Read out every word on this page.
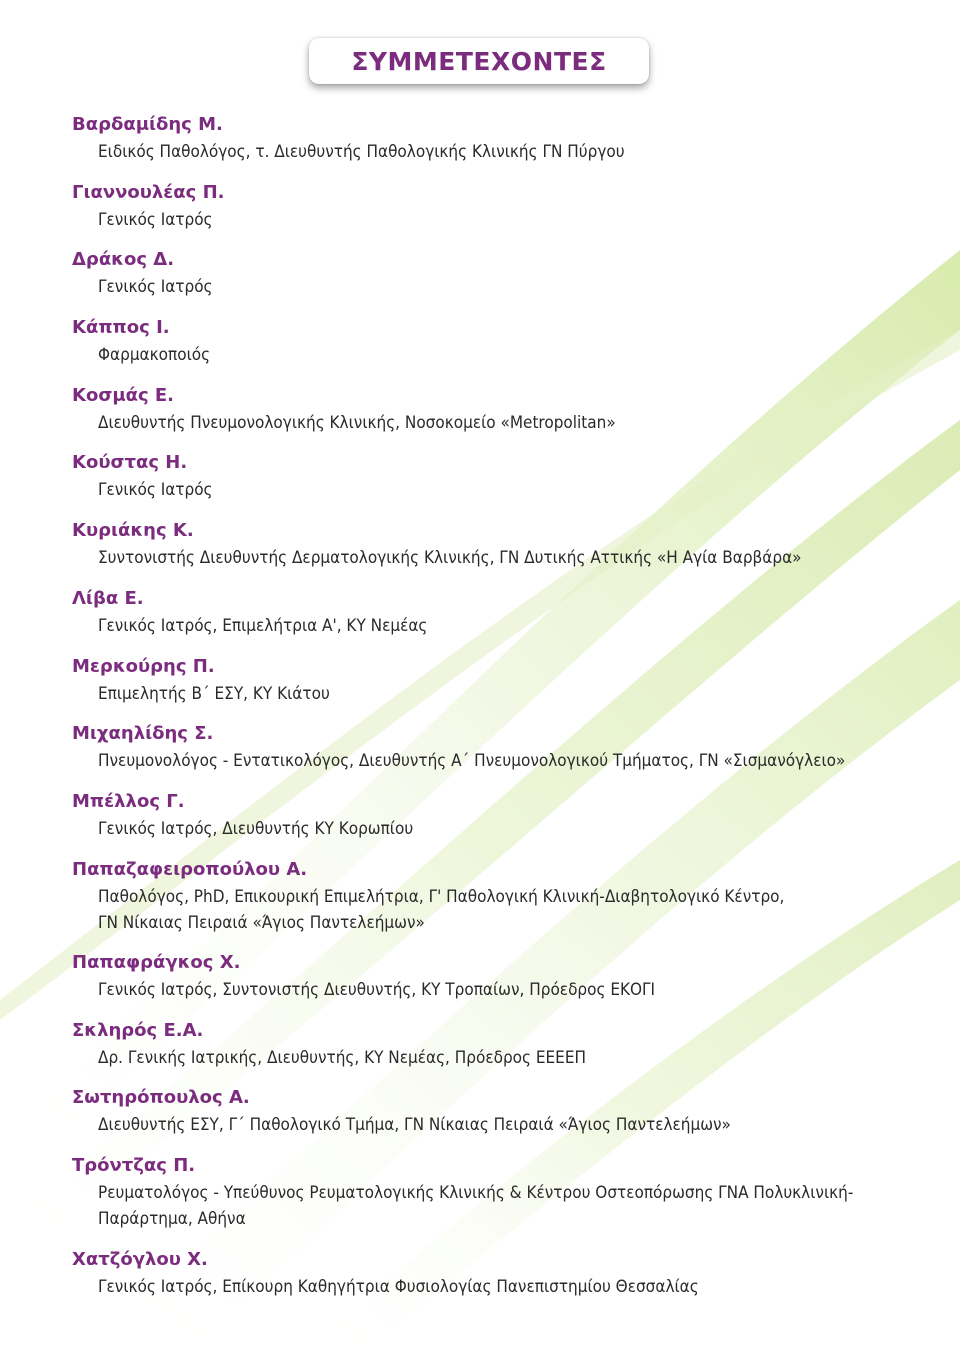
ΣΥΜΜΕΤΕΧΟΝΤΕΣ
Βαρδαμίδης Μ.
Ειδικός Παθολόγος, τ. Διευθυντής Παθολογικής Κλινικής ΓΝ Πύργου
Γιαννουλέας Π.
Γενικός Ιατρός
Δράκος Δ.
Γενικός Ιατρός
Κάππος Ι.
Φαρμακοποιός
Κοσμάς Ε.
Διευθυντής Πνευμονολογικής Κλινικής, Νοσοκομείο «Metropolitan»
Κούστας Η.
Γενικός Ιατρός
Κυριάκης Κ.
Συντονιστής Διευθυντής Δερματολογικής Κλινικής, ΓΝ Δυτικής Αττικής «Η Αγία Βαρβάρα»
Λίβα Ε.
Γενικός Ιατρός, Επιμελήτρια Α', ΚΥ Νεμέας
Μερκούρης Π.
Επιμελητής Β΄ ΕΣΥ, ΚΥ Κιάτου
Μιχαηλίδης Σ.
Πνευμονολόγος - Εντατικολόγος, Διευθυντής Α΄ Πνευμονολογικού Τμήματος, ΓΝ «Σισμανόγλειο»
Μπέλλος Γ.
Γενικός Ιατρός, Διευθυντής ΚΥ Κορωπίου
Παπαζαφειροπούλου Α.
Παθολόγος, PhD, Επικουρική Επιμελήτρια, Γ' Παθολογική Κλινική-Διαβητολογικό Κέντρο,
ΓΝ Νίκαιας Πειραιά «Άγιος Παντελεήμων»
Παπαφράγκος Χ.
Γενικός Ιατρός, Συντονιστής Διευθυντής, ΚΥ Τροπαίων, Πρόεδρος ΕΚΟΓΙ
Σκληρός Ε.Α.
Δρ. Γενικής Ιατρικής, Διευθυντής, ΚΥ Νεμέας, Πρόεδρος ΕΕΕΕΠ
Σωτηρόπουλος Α.
Διευθυντής ΕΣΥ, Γ΄ Παθολογικό Τμήμα, ΓΝ Νίκαιας Πειραιά «Άγιος Παντελεήμων»
Τρόντζας Π.
Ρευματολόγος - Υπεύθυνος Ρευματολογικής Κλινικής & Κέντρου Οστεοπόρωσης ΓΝΑ Πολυκλινική-
Παράρτημα, Αθήνα
Χατζόγλου Χ.
Γενικός Ιατρός, Επίκουρη Καθηγήτρια Φυσιολογίας Πανεπιστημίου Θεσσαλίας
